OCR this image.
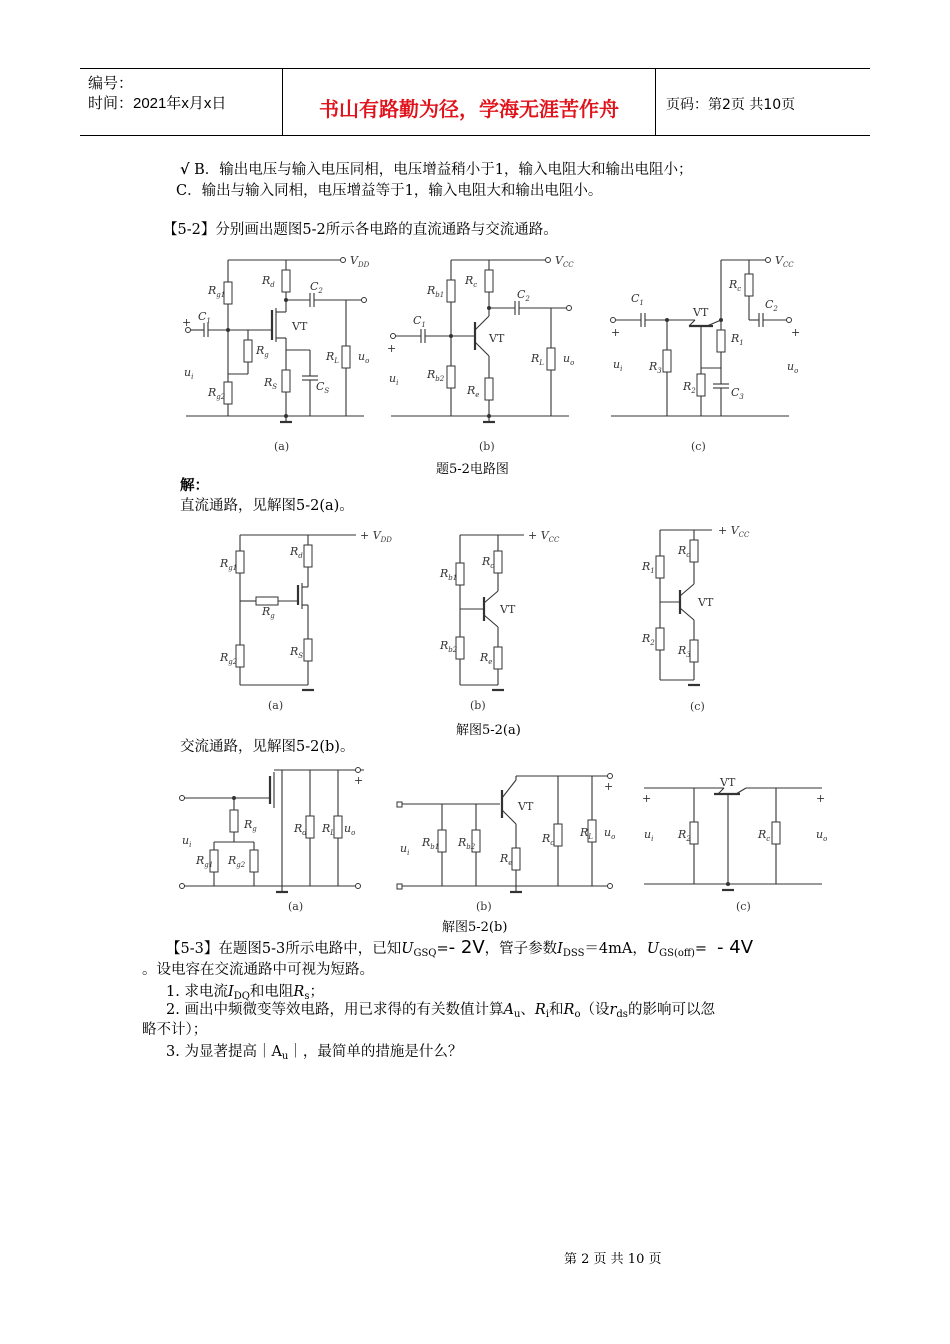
编号：
时间：2021年x月x日	书山有路勤为径，学海无涯苦作舟	页码：第2页 共10页
√ B．输出电压与输入电压同相，电压增益稍小于1，输入电阻大和输出电阻小；
C．输出与输入同相，电压增益等于1，输入电阻大和输出电阻小。
【5-2】分别画出题图5-2所示各电路的直流通路与交流通路。
$V_{DD}$
$R_{g1}$
$R_{g2}$
$C_1$
+
$u_i$
$R_g$
VT
$R_d$	$C_2$
$R_L$ $u_o$
$R_S$	$C_S$
(a)
$V_{CC}$
$R_{b1}$
$R_{b2}$
+
$C_1$
$u_i$
VT
$R_c$
$C_2$
$R_L$ $u_o$
$R_e$
(b)
$V_{CC}$
$R_c$
+
$C_1$
$R_3$
$u_i$
VT
$R_1$
$R_2$	$C_3$
$C_2$
+
$u_o$
(c)
题5-2电路图
解：
直流通路，见解图5-2(a)。
+ $V_{DD}$
$R_{g1}$
$R_{g2}$
$R_g$
$R_d$
$R_S$
(a)
+ $V_{CC}$
$R_{b1}$
$R_{b2}$
VT
$R_c$
$R_e$
(b)
+ $V_{CC}$
$R_1$
$R_2$
VT
$R_c$
$R_3$
(c)
解图5-2(a)
交流通路，见解图5-2(b)。
$R_g$
$R_{g1}$ $R_{g2}$
+
$R_d$ $R_L$ $u_o$
$u_i$
(a)
$R_{b1}$ $R_{b2}$
VT
+
$R_e$
$R_c$
$R_L$ $u_o$
$u_i$
(b)
+
VT
+
$R_2$	$R_c$
$u_i$	$u_o$
(c)
解图5-2(b)
【5-3】在题图5-3所示电路中，已知$U_{GSQ}=-$ 2V，管子参数$I_{DSS}=4mA$，$U_{GS(off)}= - 4V$
。设电容在交流通路中可视为短路。
1. 求电流$I_{DQ}$和电阻$R_s$；
2. 画出中频微变等效电路，用已求得的有关数值计算$A_u$、$R_i$和$R_o$（设$r_{ds}$的影响可以忽
略不计）；
3. 为显著提高$|A_u|$，最简单的措施是什么？
第 2 页 共 10 页
